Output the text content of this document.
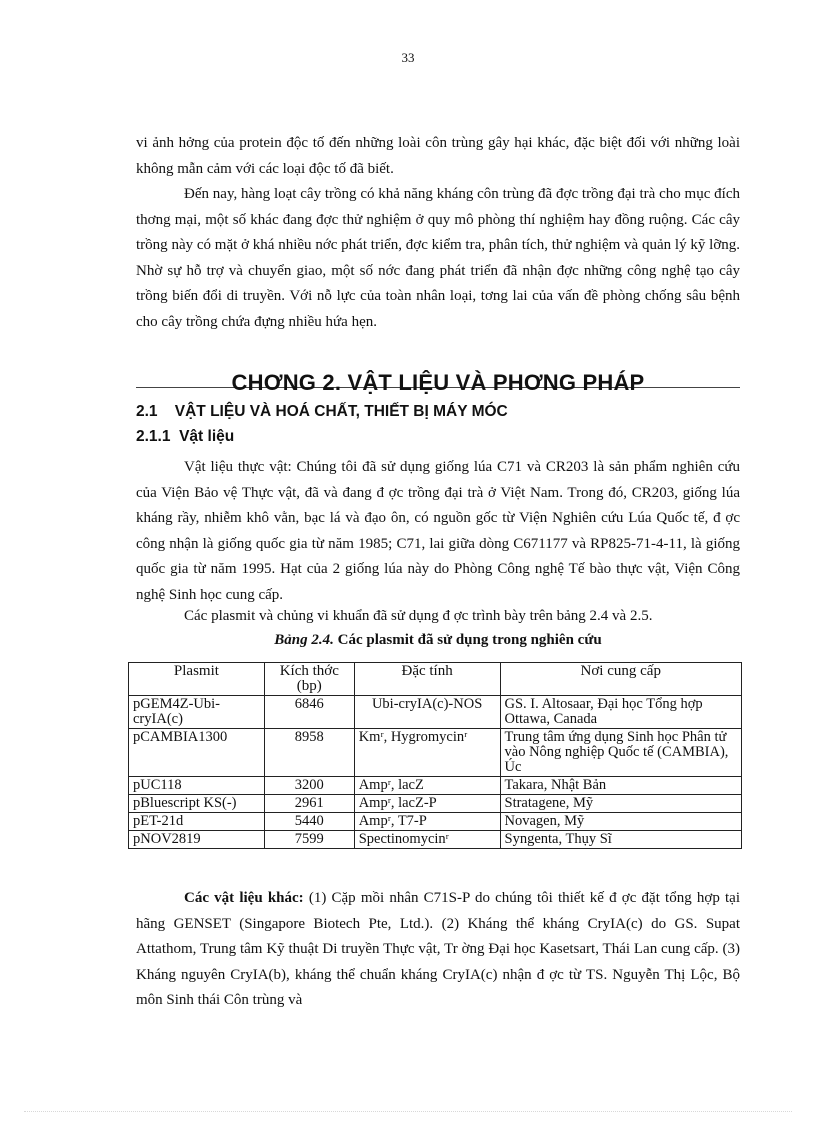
33

vi ảnh hởng của protein độc tố đến những loài côn trùng gây hại khác, đặc biệt đối với những loài không mẫn cảm với các loại độc tố đã biết.

Đến nay, hàng loạt cây trồng có khả năng kháng côn trùng đã đợc trồng đại trà cho mục đích thơng mại, một số khác đang đợc thử nghiệm ở quy mô phòng thí nghiệm hay đồng ruộng. Các cây trồng này có mặt ở khá nhiều nớc phát triển, đợc kiểm tra, phân tích, thử nghiệm và quản lý kỹ lỡng. Nhờ sự hỗ trợ và chuyển giao, một số nớc đang phát triển đã nhận đợc những công nghệ tạo cây trồng biến đổi di truyền. Với nỗ lực của toàn nhân loại, tơng lai của vấn đề phòng chống sâu bệnh cho cây trồng chứa đựng nhiều hứa hẹn.

CHƠNG 2. VẬT LIỆU VÀ PHƠNG PHÁP
2.1    VẬT LIỆU VÀ HOÁ CHẤT, THIẾT BỊ MÁY MÓC
2.1.1  Vật liệu

Vật liệu thực vật: Chúng tôi đã sử dụng giống lúa C71 và CR203 là sản phẩm nghiên cứu của Viện Bảo vệ Thực vật, đã và đang đ ợc trồng đại trà ở Việt Nam. Trong đó, CR203, giống lúa kháng rầy, nhiễm khô vằn, bạc lá và đạo ôn, có nguồn gốc từ Viện Nghiên cứu Lúa Quốc tế, đ ợc công nhận là giống quốc gia từ năm 1985; C71, lai giữa dòng C671177 và RP825-71-4-11, là giống quốc gia từ năm 1995. Hạt của 2 giống lúa này do Phòng Công nghệ Tế bào thực vật, Viện Công nghệ Sinh học cung cấp.

Các plasmit và chủng vi khuẩn đã sử dụng đ ợc trình bày trên bảng 2.4 và 2.5.

Bảng 2.4. Các plasmit đã sử dụng trong nghiên cứu
Plasmit	Kích thớc (bp)	Đặc tính	Nơi cung cấp
pGEM4Z-Ubi-cryIA(c)	6846	Ubi-cryIA(c)-NOS	GS. I. Altosaar, Đại học Tổng hợp Ottawa, Canada
pCAMBIA1300	8958	Kmʳ, Hygromycinʳ	Trung tâm ứng dụng Sinh học Phân tử vào Nông nghiệp Quốc tế (CAMBIA), Úc
pUC118	3200	Ampʳ, lacZ	Takara, Nhật Bản
pBluescript KS(-)	2961	Ampʳ, lacZ-P	Stratagene, Mỹ
pET-21d	5440	Ampʳ, T7-P	Novagen, Mỹ
pNOV2819	7599	Spectinomycinʳ	Syngenta, Thụy Sĩ

Các vật liệu khác: (1) Cặp mồi nhân C71S-P do chúng tôi thiết kế đ ợc đặt tổng hợp tại hãng GENSET (Singapore Biotech Pte, Ltd.). (2) Kháng thể kháng CryIA(c) do GS. Supat Attathom, Trung tâm Kỹ thuật Di truyền Thực vật, Tr ờng Đại học Kasetsart, Thái Lan cung cấp. (3) Kháng nguyên CryIA(b), kháng thể chuẩn kháng CryIA(c) nhận đ ợc từ TS. Nguyễn Thị Lộc, Bộ môn Sinh thái Côn trùng và
